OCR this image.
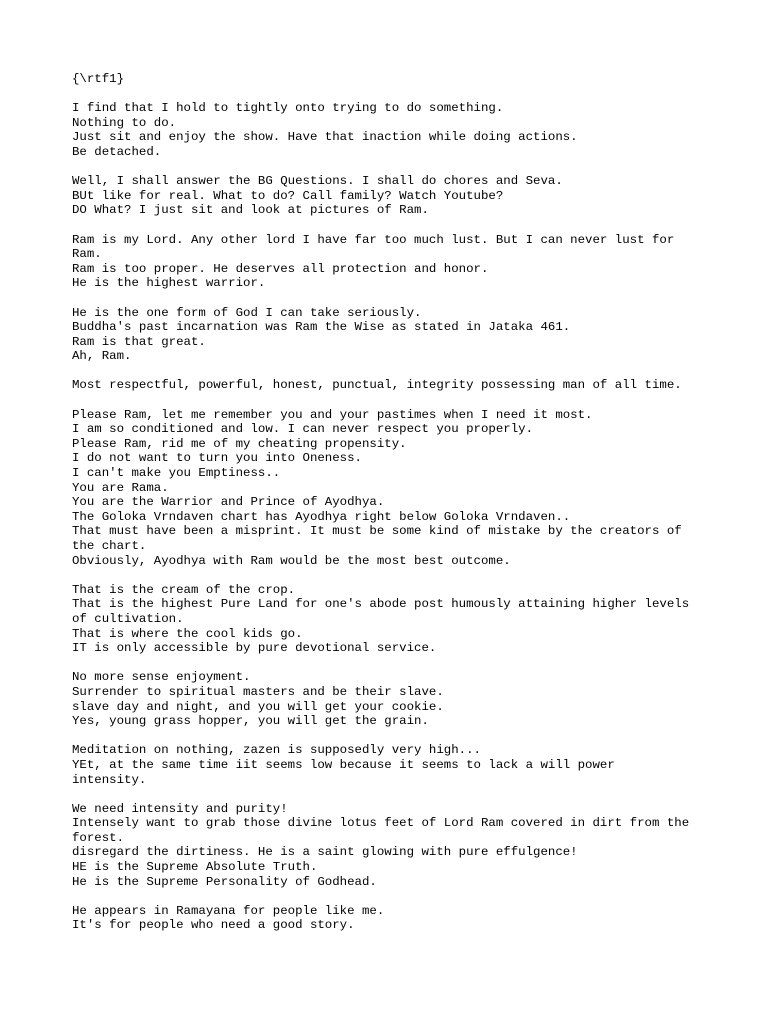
{\rtf1}
I find that I hold to tightly onto trying to do something.
Nothing to do.
Just sit and enjoy the show. Have that inaction while doing actions.
Be detached.
Well, I shall answer the BG Questions. I shall do chores and Seva.
BUt like for real. What to do? Call family? Watch Youtube?
DO What? I just sit and look at pictures of Ram.
Ram is my Lord. Any other lord I have far too much lust. But I can never lust for
Ram.
Ram is too proper. He deserves all protection and honor.
He is the highest warrior.
He is the one form of God I can take seriously.
Buddha's past incarnation was Ram the Wise as stated in Jataka 461.
Ram is that great.
Ah, Ram.
Most respectful, powerful, honest, punctual, integrity possessing man of all time.
Please Ram, let me remember you and your pastimes when I need it most.
I am so conditioned and low. I can never respect you properly.
Please Ram, rid me of my cheating propensity.
I do not want to turn you into Oneness.
I can't make you Emptiness..
You are Rama.
You are the Warrior and Prince of Ayodhya.
The Goloka Vrndaven chart has Ayodhya right below Goloka Vrndaven..
That must have been a misprint. It must be some kind of mistake by the creators of
the chart.
Obviously, Ayodhya with Ram would be the most best outcome.
That is the cream of the crop.
That is the highest Pure Land for one's abode post humously attaining higher levels
of cultivation.
That is where the cool kids go.
IT is only accessible by pure devotional service.
No more sense enjoyment.
Surrender to spiritual masters and be their slave.
slave day and night, and you will get your cookie.
Yes, young grass hopper, you will get the grain.
Meditation on nothing, zazen is supposedly very high...
YEt, at the same time iit seems low because it seems to lack a will power
intensity.
We need intensity and purity!
Intensely want to grab those divine lotus feet of Lord Ram covered in dirt from the
forest.
disregard the dirtiness. He is a saint glowing with pure effulgence!
HE is the Supreme Absolute Truth.
He is the Supreme Personality of Godhead.
He appears in Ramayana for people like me.
It's for people who need a good story.
